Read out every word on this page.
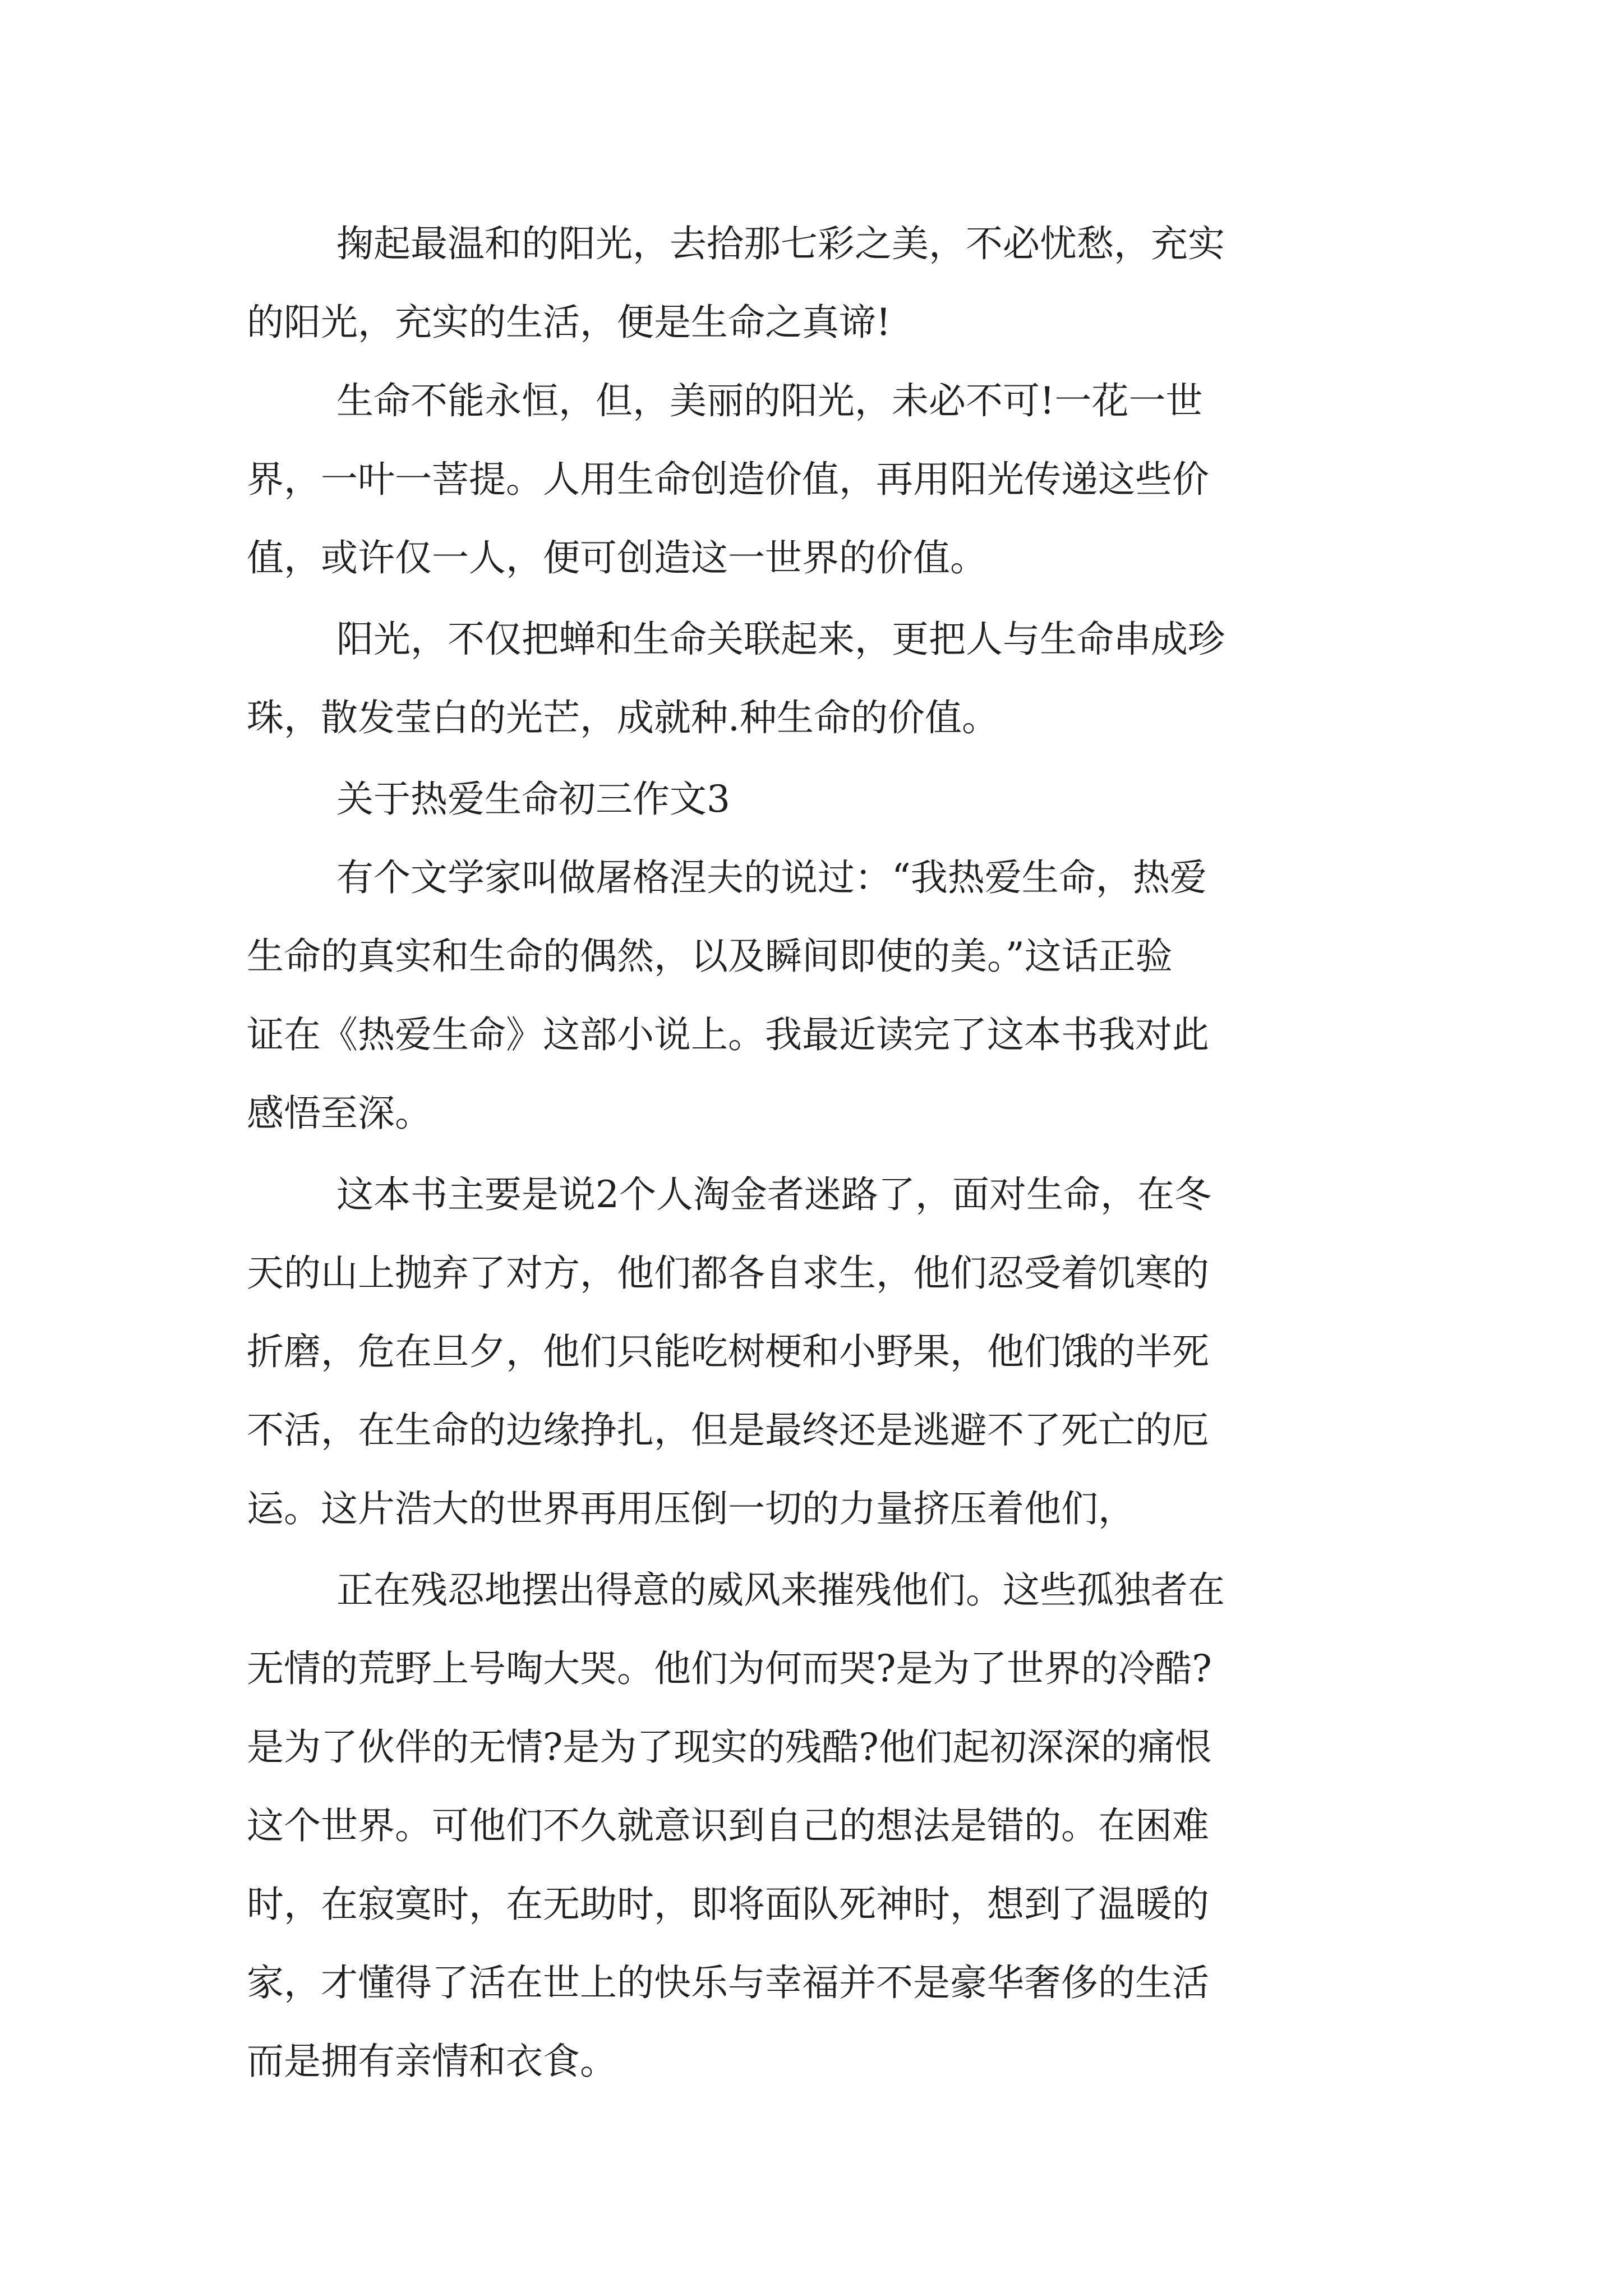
掬起最温和的阳光，去拾那七彩之美，不必忧愁，充实

的阳光，充实的生活，便是生命之真谛!

生命不能永恒，但，美丽的阳光，未必不可!一花一世

界，一叶一菩提。人用生命创造价值，再用阳光传递这些价

值，或许仅一人，便可创造这一世界的价值。

阳光，不仅把蝉和生命关联起来，更把人与生命串成珍

珠，散发莹白的光芒，成就种.种生命的价值。

关于热爱生命初三作文3

有个文学家叫做屠格涅夫的说过：“我热爱生命，热爱

生命的真实和生命的偶然，以及瞬间即使的美。”这话正验

证在《热爱生命》这部小说上。我最近读完了这本书我对此

感悟至深。

这本书主要是说2个人淘金者迷路了，面对生命，在冬

天的山上抛弃了对方，他们都各自求生，他们忍受着饥寒的

折磨，危在旦夕，他们只能吃树梗和小野果，他们饿的半死

不活，在生命的边缘挣扎，但是最终还是逃避不了死亡的厄

运。这片浩大的世界再用压倒一切的力量挤压着他们，

正在残忍地摆出得意的威风来摧残他们。这些孤独者在

无情的荒野上号啕大哭。他们为何而哭?是为了世界的冷酷?

是为了伙伴的无情?是为了现实的残酷?他们起初深深的痛恨

这个世界。可他们不久就意识到自己的想法是错的。在困难

时，在寂寞时，在无助时，即将面队死神时，想到了温暖的

家，才懂得了活在世上的快乐与幸福并不是豪华奢侈的生活

而是拥有亲情和衣食。
